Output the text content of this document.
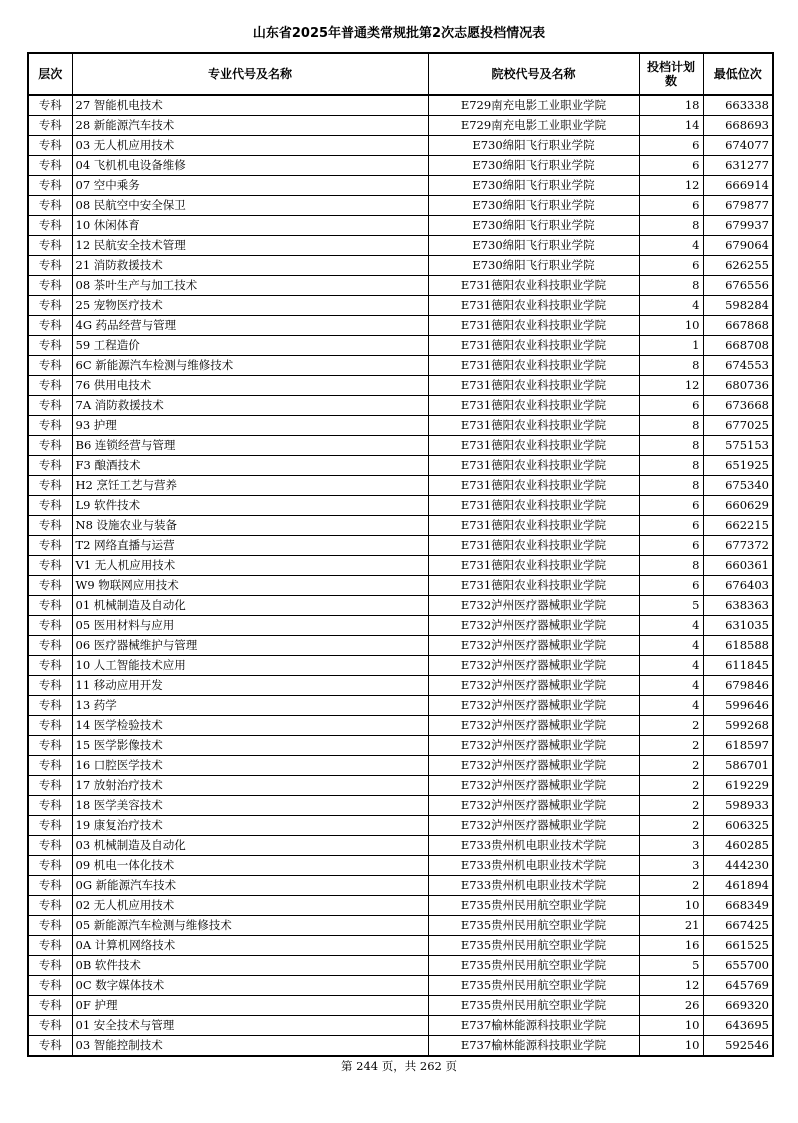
山东省2025年普通类常规批第2次志愿投档情况表
层次	专业代号及名称	院校代号及名称	投档计划数	最低位次
专科	27 智能机电技术	E729南充电影工业职业学院	18	663338
专科	28 新能源汽车技术	E729南充电影工业职业学院	14	668693
专科	03 无人机应用技术	E730绵阳飞行职业学院	6	674077
专科	04 飞机机电设备维修	E730绵阳飞行职业学院	6	631277
专科	07 空中乘务	E730绵阳飞行职业学院	12	666914
专科	08 民航空中安全保卫	E730绵阳飞行职业学院	6	679877
专科	10 休闲体育	E730绵阳飞行职业学院	8	679937
专科	12 民航安全技术管理	E730绵阳飞行职业学院	4	679064
专科	21 消防救援技术	E730绵阳飞行职业学院	6	626255
专科	08 茶叶生产与加工技术	E731德阳农业科技职业学院	8	676556
专科	25 宠物医疗技术	E731德阳农业科技职业学院	4	598284
专科	4G 药品经营与管理	E731德阳农业科技职业学院	10	667868
专科	59 工程造价	E731德阳农业科技职业学院	1	668708
专科	6C 新能源汽车检测与维修技术	E731德阳农业科技职业学院	8	674553
专科	76 供用电技术	E731德阳农业科技职业学院	12	680736
专科	7A 消防救援技术	E731德阳农业科技职业学院	6	673668
专科	93 护理	E731德阳农业科技职业学院	8	677025
专科	B6 连锁经营与管理	E731德阳农业科技职业学院	8	575153
专科	F3 酿酒技术	E731德阳农业科技职业学院	8	651925
专科	H2 烹饪工艺与营养	E731德阳农业科技职业学院	8	675340
专科	L9 软件技术	E731德阳农业科技职业学院	6	660629
专科	N8 设施农业与装备	E731德阳农业科技职业学院	6	662215
专科	T2 网络直播与运营	E731德阳农业科技职业学院	6	677372
专科	V1 无人机应用技术	E731德阳农业科技职业学院	8	660361
专科	W9 物联网应用技术	E731德阳农业科技职业学院	6	676403
专科	01 机械制造及自动化	E732泸州医疗器械职业学院	5	638363
专科	05 医用材料与应用	E732泸州医疗器械职业学院	4	631035
专科	06 医疗器械维护与管理	E732泸州医疗器械职业学院	4	618588
专科	10 人工智能技术应用	E732泸州医疗器械职业学院	4	611845
专科	11 移动应用开发	E732泸州医疗器械职业学院	4	679846
专科	13 药学	E732泸州医疗器械职业学院	4	599646
专科	14 医学检验技术	E732泸州医疗器械职业学院	2	599268
专科	15 医学影像技术	E732泸州医疗器械职业学院	2	618597
专科	16 口腔医学技术	E732泸州医疗器械职业学院	2	586701
专科	17 放射治疗技术	E732泸州医疗器械职业学院	2	619229
专科	18 医学美容技术	E732泸州医疗器械职业学院	2	598933
专科	19 康复治疗技术	E732泸州医疗器械职业学院	2	606325
专科	03 机械制造及自动化	E733贵州机电职业技术学院	3	460285
专科	09 机电一体化技术	E733贵州机电职业技术学院	3	444230
专科	0G 新能源汽车技术	E733贵州机电职业技术学院	2	461894
专科	02 无人机应用技术	E735贵州民用航空职业学院	10	668349
专科	05 新能源汽车检测与维修技术	E735贵州民用航空职业学院	21	667425
专科	0A 计算机网络技术	E735贵州民用航空职业学院	16	661525
专科	0B 软件技术	E735贵州民用航空职业学院	5	655700
专科	0C 数字媒体技术	E735贵州民用航空职业学院	12	645769
专科	0F 护理	E735贵州民用航空职业学院	26	669320
专科	01 安全技术与管理	E737榆林能源科技职业学院	10	643695
专科	03 智能控制技术	E737榆林能源科技职业学院	10	592546
第 244 页，共 262 页
